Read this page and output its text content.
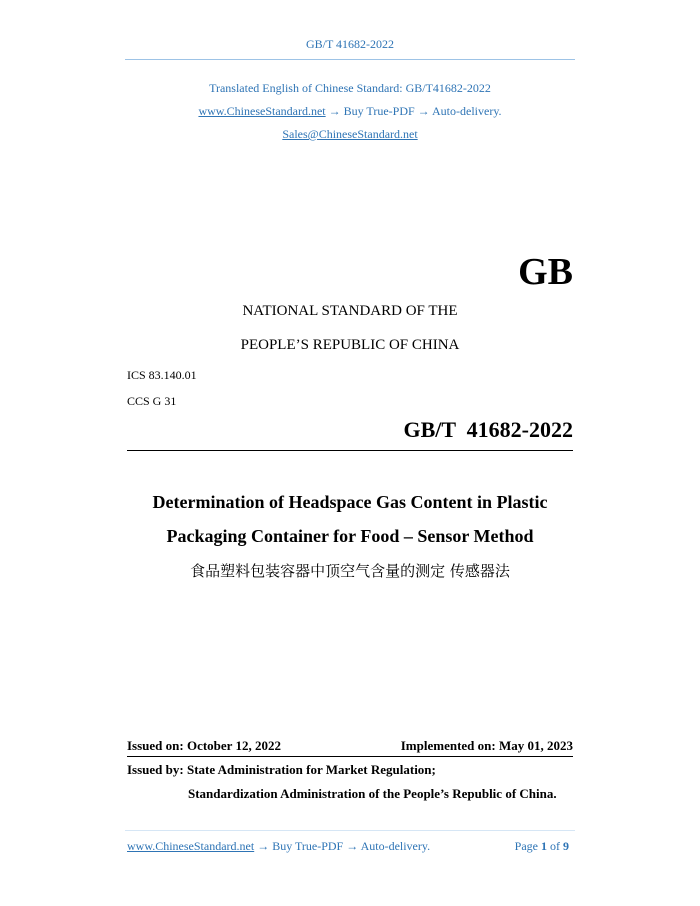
GB/T 41682-2022
Translated English of Chinese Standard: GB/T41682-2022
www.ChineseStandard.net → Buy True-PDF → Auto-delivery.
Sales@ChineseStandard.net
GB
NATIONAL STANDARD OF THE
PEOPLE’S REPUBLIC OF CHINA
ICS 83.140.01
CCS G 31
GB/T  41682-2022
Determination of Headspace Gas Content in Plastic
Packaging Container for Food – Sensor Method
食品塑料包装容器中顶空气含量的测定 传感器法
Issued on: October 12, 2022	Implemented on: May 01, 2023
Issued by: State Administration for Market Regulation;
Standardization Administration of the People’s Republic of China.
www.ChineseStandard.net → Buy True-PDF → Auto-delivery.	Page 1 of 9
